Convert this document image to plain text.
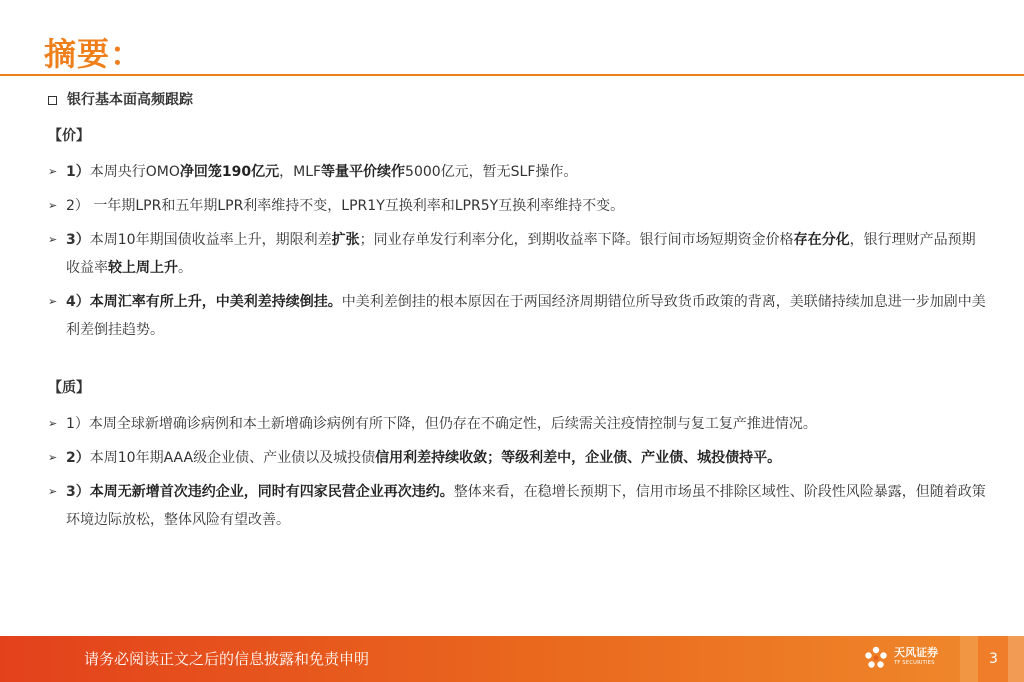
摘要：
银行基本面高频跟踪
【价】
➢ 1）本周央行OMO净回笼190亿元，MLF等量平价续作5000亿元，暂无SLF操作。
➢ 2） 一年期LPR和五年期LPR利率维持不变，LPR1Y互换利率和LPR5Y互换利率维持不变。
➢ 3）本周10年期国债收益率上升，期限利差扩张；同业存单发行利率分化，到期收益率下降。银行间市场短期资金价格存在分化，银行理财产品预期收益率较上周上升。
➢ 4）本周汇率有所上升，中美利差持续倒挂。中美利差倒挂的根本原因在于两国经济周期错位所导致货币政策的背离，美联储持续加息进一步加剧中美利差倒挂趋势。
【质】
➢ 1）本周全球新增确诊病例和本土新增确诊病例有所下降，但仍存在不确定性，后续需关注疫情控制与复工复产推进情况。
➢ 2）本周10年期AAA级企业债、产业债以及城投债信用利差持续收敛；等级利差中，企业债、产业债、城投债持平。
➢ 3）本周无新增首次违约企业，同时有四家民营企业再次违约。整体来看，在稳增长预期下，信用市场虽不排除区域性、阶段性风险暴露，但随着政策环境边际放松，整体风险有望改善。
请务必阅读正文之后的信息披露和免责申明	天风证券
TF SECURITIES	3
